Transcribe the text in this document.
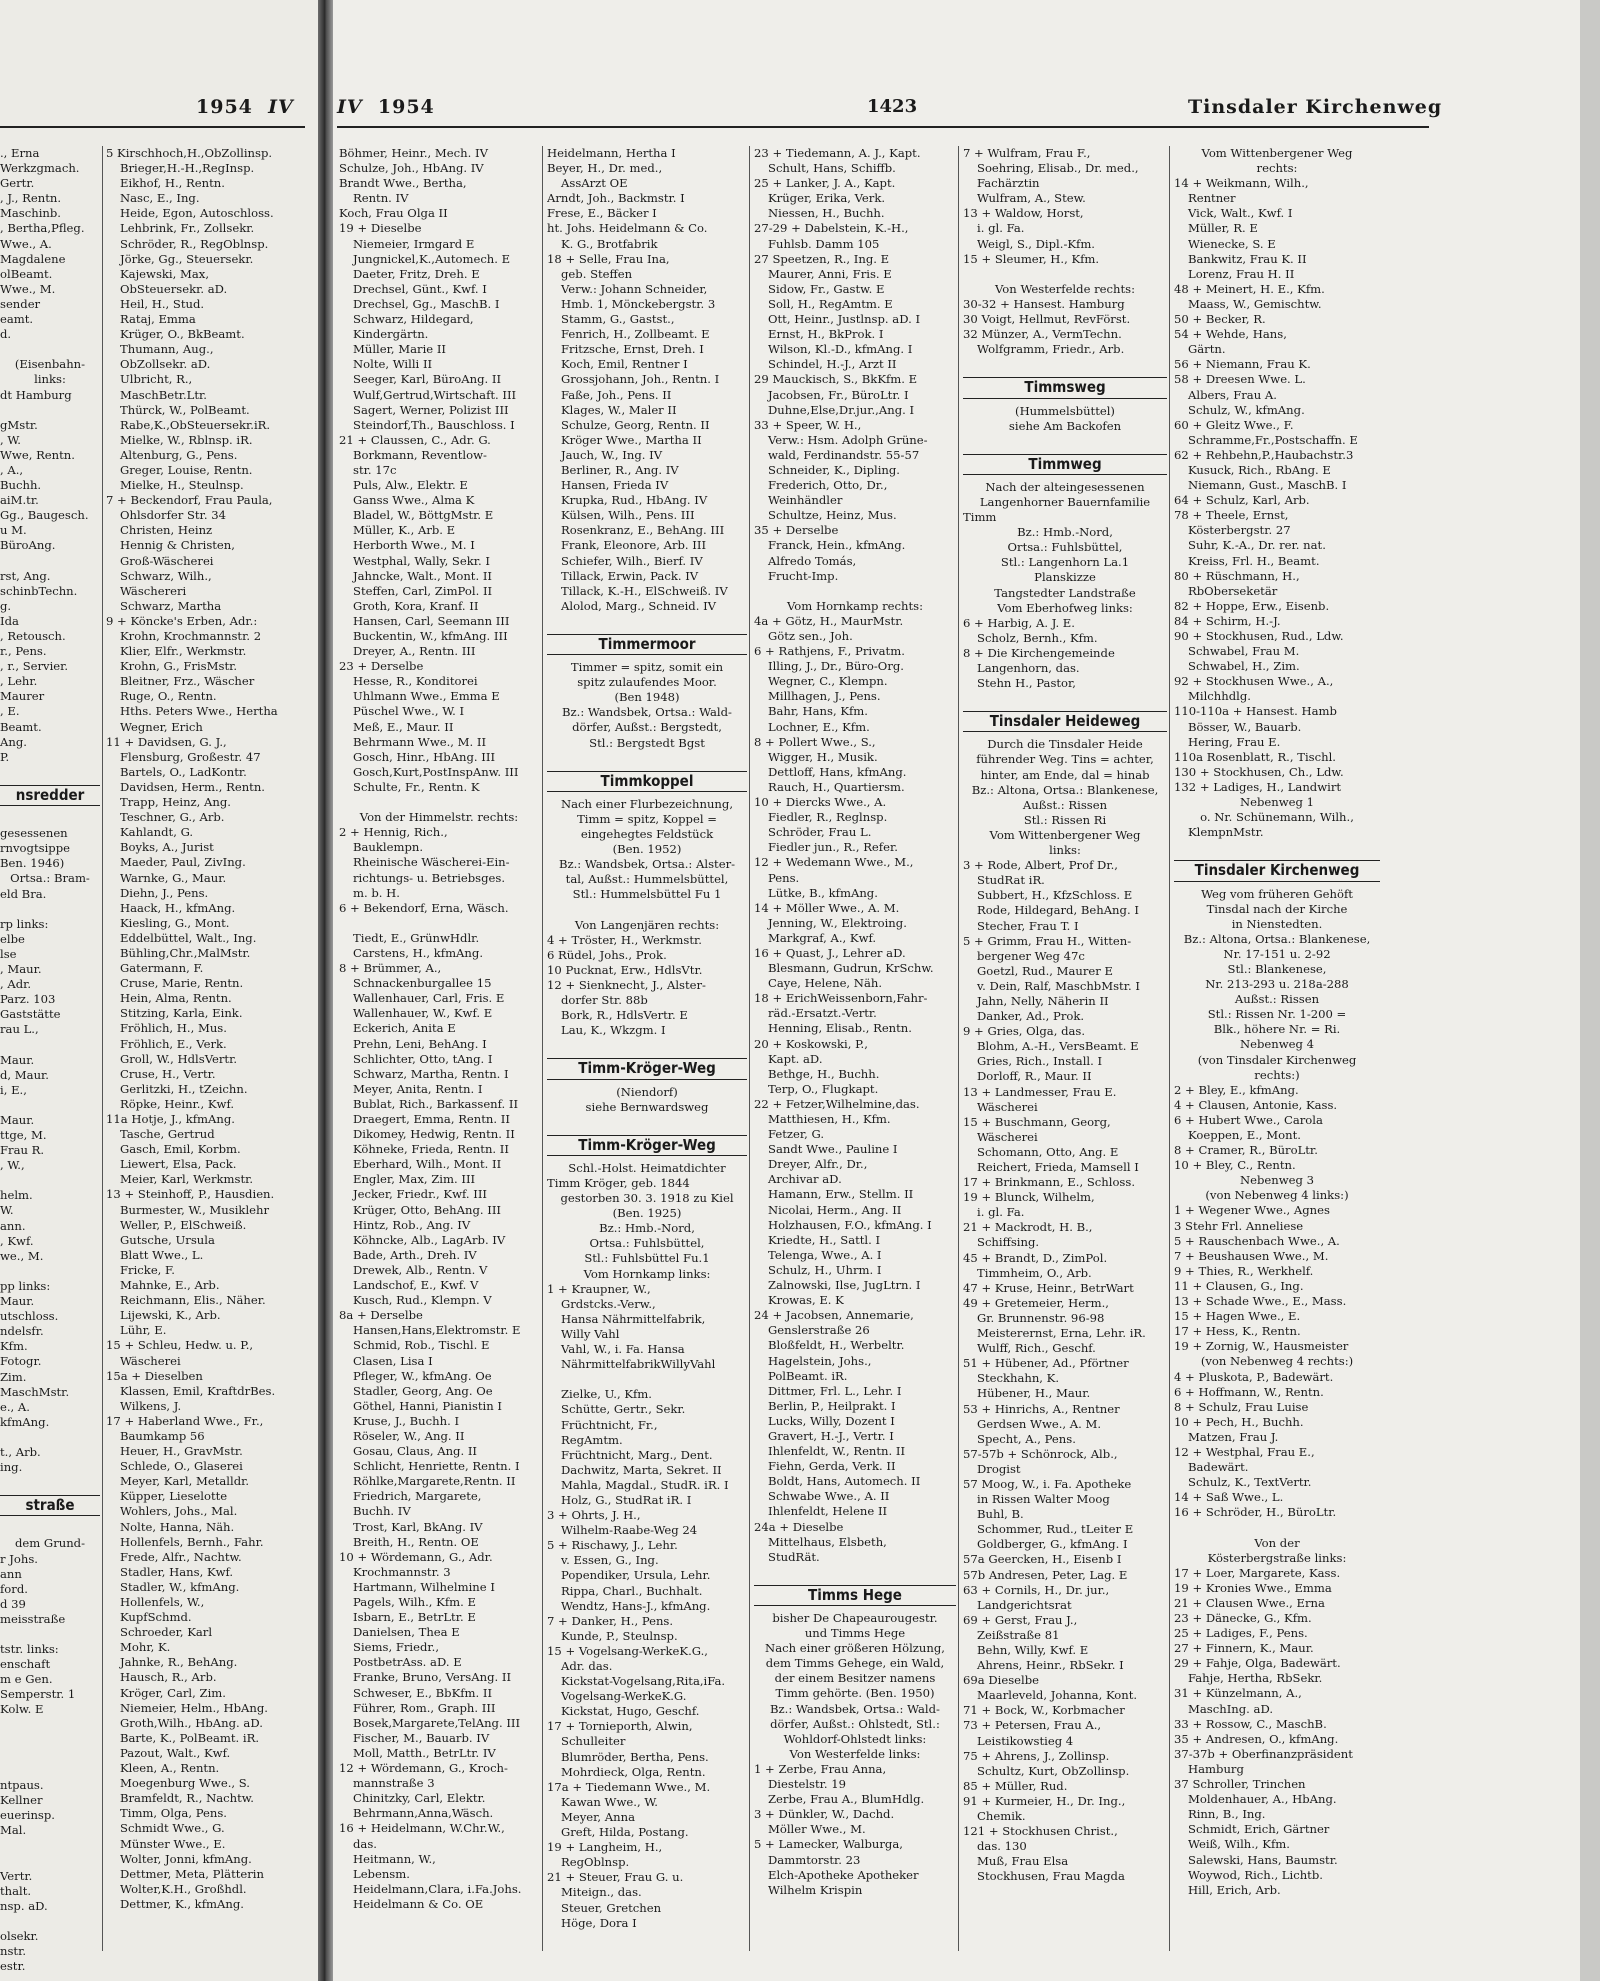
1954 IV
., Erna
Werkzgmach.
Gertr.
, J., Rentn.
Maschinb.
, Bertha,Pfleg.
Wwe., A.
Magdalene
olBeamt.
Wwe., M.
sender
eamt.
d.

(Eisenbahn-
links:
dt Hamburg

gMstr.
, W.
Wwe, Rentn.
, A.,
Buchh.
aiM.tr.
Gg., Baugesch.
u M.
BüroAng.

rst, Ang.
schinbTechn.
g.
Ida
, Retousch.
r., Pens.
, r., Servier.
, Lehr.
Maurer
, E.
Beamt.
Ang.
P.

nsredder

gesessenen
rnvogtsippe
Ben. 1946)
Ortsa.: Bram-
eld Bra.

rp links:
elbe
lse
, Maur.
, Adr.
Parz. 103
Gaststätte
rau L.,

Maur.
d, Maur.
i, E.,

Maur.
ttge, M.
Frau R.
, W.,

helm.
W.
ann.
, Kwf.
we., M.

pp links:
Maur.
utschloss.
ndelsfr.
Kfm.
Fotogr.
Zim.
MaschMstr.
e., A.
kfmAng.

t., Arb.
ing.

straße

dem Grund-
r Johs.
ann
ford.
d 39
meisstraße

tstr. links:
enschaft
m e Gen.
Semperstr. 1
Kolw. E

ntpaus.
Kellner
euerinsp.
Mal.

Vertr.
thalt.
nsp. aD.

olsekr.
nstr.
estr.
5 Kirschhoch,H.,ObZollinsp.
Brieger,H.-H.,RegInsp.
Eikhof, H., Rentn.
Nasc, E., Ing.
Heide, Egon, Autoschloss.
Lehbrink, Fr., Zollsekr.
Schröder, R., RegOblnsp.
Jörke, Gg., Steuersekr.
Kajewski, Max,
ObSteuersekr. aD.
Heil, H., Stud.
Rataj, Emma
Krüger, O., BkBeamt.
Thumann, Aug.,
ObZollsekr. aD.
Ulbricht, R.,
MaschBetr.Ltr.
Thürck, W., PolBeamt.
Rabe,K.,ObSteuersekr.iR.
Mielke, W., Rblnsp. iR.
Altenburg, G., Pens.
Greger, Louise, Rentn.
Mielke, H., Steulnsp.
7 + Beckendorf, Frau Paula,
Ohlsdorfer Str. 34
Christen, Heinz
Hennig & Christen,
Groß-Wäscherei
Schwarz, Wilh.,
Wäschereri
Schwarz, Martha
9 + Köncke's Erben, Adr.:
Krohn, Krochmannstr. 2
Klier, Elfr., Werkmstr.
Krohn, G., FrisMstr.
Bleitner, Frz., Wäscher
Ruge, O., Rentn.
Hths. Peters Wwe., Hertha
Wegner, Erich
11 + Davidsen, G. J.,
Flensburg, Großestr. 47
Bartels, O., LadKontr.
Davidsen, Herm., Rentn.
Trapp, Heinz, Ang.
Teschner, G., Arb.
Kahlandt, G.
Boyks, A., Jurist
Maeder, Paul, ZivIng.
Warnke, G., Maur.
Diehn, J., Pens.
Haack, H., kfmAng.
Kiesling, G., Mont.
Eddelbüttel, Walt., Ing.
Bühling,Chr.,MalMstr.
Gatermann, F.
Cruse, Marie, Rentn.
Hein, Alma, Rentn.
Stitzing, Karla, Eink.
Fröhlich, H., Mus.
Fröhlich, E., Verk.
Groll, W., HdlsVertr.
Cruse, H., Vertr.
Gerlitzki, H., tZeichn.
Röpke, Heinr., Kwf.
11a Hotje, J., kfmAng.
Tasche, Gertrud
Gasch, Emil, Korbm.
Liewert, Elsa, Pack.
Meier, Karl, Werkmstr.
13 + Steinhoff, P., Hausdien.
Burmester, W., Musiklehr
Weller, P., ElSchweiß.
Gutsche, Ursula
Blatt Wwe., L.
Fricke, F.
Mahnke, E., Arb.
Reichmann, Elis., Näher.
Lijewski, K., Arb.
Lühr, E.
15 + Schleu, Hedw. u. P.,
Wäscherei
15a + Dieselben
Klassen, Emil, KraftdrBes.
Wilkens, J.
17 + Haberland Wwe., Fr.,
Baumkamp 56
Heuer, H., GravMstr.
Schlede, O., Glaserei
Meyer, Karl, Metalldr.
Küpper, Lieselotte
Wohlers, Johs., Mal.
Nolte, Hanna, Näh.
Hollenfels, Bernh., Fahr.
Frede, Alfr., Nachtw.
Stadler, Hans, Kwf.
Stadler, W., kfmAng.
Hollenfels, W.,
KupfSchmd.
Schroeder, Karl
Mohr, K.
Jahnke, R., BehAng.
Hausch, R., Arb.
Kröger, Carl, Zim.
Niemeier, Helm., HbAng.
Groth,Wilh., HbAng. aD.
Barte, K., PolBeamt. iR.
Pazout, Walt., Kwf.
Kleen, A., Rentn.
Moegenburg Wwe., S.
Bramfeldt, R., Nachtw.
Timm, Olga, Pens.
Schmidt Wwe., G.
Münster Wwe., E.
Wolter, Jonni, kfmAng.
Dettmer, Meta, Plätterin
Wolter,K.H., Großhdl.
Dettmer, K., kfmAng.
IV 1954	1423	Tinsdaler Kirchenweg
Böhmer, Heinr., Mech. IV
Schulze, Joh., HbAng. IV
Brandt Wwe., Bertha,
Rentn. IV
Koch, Frau Olga II
19 + Dieselbe
Niemeier, Irmgard E
Jungnickel,K.,Automech. E
Daeter, Fritz, Dreh. E
Drechsel, Günt., Kwf. I
Drechsel, Gg., MaschB. I
Schwarz, Hildegard,
Kindergärtn.
Müller, Marie II
Nolte, Willi II
Seeger, Karl, BüroAng. II
Wulf,Gertrud,Wirtschaft. III
Sagert, Werner, Polizist III
Steindorf,Th., Bauschloss. I
21 + Claussen, C., Adr. G.
Borkmann, Reventlow-
str. 17c
Puls, Alw., Elektr. E
Ganss Wwe., Alma K
Bladel, W., BöttgMstr. E
Müller, K., Arb. E
Herborth Wwe., M. I
Westphal, Wally, Sekr. I
Jahncke, Walt., Mont. II
Steffen, Carl, ZimPol. II
Groth, Kora, Kranf. II
Hansen, Carl, Seemann III
Buckentin, W., kfmAng. III
Dreyer, A., Rentn. III
23 + Derselbe
Hesse, R., Konditorei
Uhlmann Wwe., Emma E
Püschel Wwe., W. I
Meß, E., Maur. II
Behrmann Wwe., M. II
Gosch, Hinr., HbAng. III
Gosch,Kurt,PostInspAnw. III
Schulte, Fr., Rentn. K

Von der Himmelstr. rechts:
2 + Hennig, Rich.,
Bauklempn.
Rheinische Wäscherei-Ein-
richtungs- u. Betriebsges.
m. b. H.
6 + Bekendorf, Erna, Wäsch.

Tiedt, E., GrünwHdlr.
Carstens, H., kfmAng.
8 + Brümmer, A.,
Schnackenburgallee 15
Wallenhauer, Carl, Fris. E
Wallenhauer, W., Kwf. E
Eckerich, Anita E
Prehn, Leni, BehAng. I
Schlichter, Otto, tAng. I
Schwarz, Martha, Rentn. I
Meyer, Anita, Rentn. I
Bublat, Rich., Barkassenf. II
Draegert, Emma, Rentn. II
Dikomey, Hedwig, Rentn. II
Köhneke, Frieda, Rentn. II
Eberhard, Wilh., Mont. II
Engler, Max, Zim. III
Jecker, Friedr., Kwf. III
Krüger, Otto, BehAng. III
Hintz, Rob., Ang. IV
Köhncke, Alb., LagArb. IV
Bade, Arth., Dreh. IV
Drewek, Alb., Rentn. V
Landschof, E., Kwf. V
Kusch, Rud., Klempn. V
8a + Derselbe
Hansen,Hans,Elektromstr. E
Schmid, Rob., Tischl. E
Clasen, Lisa I
Pfleger, W., kfmAng. Oe
Stadler, Georg, Ang. Oe
Göthel, Hanni, Pianistin I
Kruse, J., Buchh. I
Röseler, W., Ang. II
Gosau, Claus, Ang. II
Schlicht, Henriette, Rentn. I
Röhlke,Margarete,Rentn. II
Friedrich, Margarete,
Buchh. IV
Trost, Karl, BkAng. IV
Breith, H., Rentn. OE
10 + Wördemann, G., Adr.
Krochmannstr. 3
Hartmann, Wilhelmine I
Pagels, Wilh., Kfm. E
Isbarn, E., BetrLtr. E
Danielsen, Thea E
Siems, Friedr.,
PostbetrAss. aD. E
Franke, Bruno, VersAng. II
Schweser, E., BbKfm. II
Führer, Rom., Graph. III
Bosek,Margarete,TelAng. III
Fischer, M., Bauarb. IV
Moll, Matth., BetrLtr. IV
12 + Wördemann, G., Kroch-
mannstraße 3
Chinitzky, Carl, Elektr.
Behrmann,Anna,Wäsch.
16 + Heidelmann, W.Chr.W.,
das.
Heitmann, W.,
Lebensm.
Heidelmann,Clara, i.Fa.Johs.
Heidelmann & Co. OE
Heidelmann, Hertha I
Beyer, H., Dr. med.,
AssArzt OE
Arndt, Joh., Backmstr. I
Frese, E., Bäcker I
ht. Johs. Heidelmann & Co.
K. G., Brotfabrik
18 + Selle, Frau Ina,
geb. Steffen
Verw.: Johann Schneider,
Hmb. 1, Mönckebergstr. 3
Stamm, G., Gastst.,
Fenrich, H., Zollbeamt. E
Fritzsche, Ernst, Dreh. I
Koch, Emil, Rentner I
Grossjohann, Joh., Rentn. I
Faße, Joh., Pens. II
Klages, W., Maler II
Schulze, Georg, Rentn. II
Kröger Wwe., Martha II
Jauch, W., Ing. IV
Berliner, R., Ang. IV
Hansen, Frieda IV
Krupka, Rud., HbAng. IV
Külsen, Wilh., Pens. III
Rosenkranz, E., BehAng. III
Frank, Eleonore, Arb. III
Schiefer, Wilh., Bierf. IV
Tillack, Erwin, Pack. IV
Tillack, K.-H., ElSchweiß. IV
Alolod, Marg., Schneid. IV

Timmermoor
Timmer = spitz, somit ein
spitz zulaufendes Moor.
(Ben 1948)
Bz.: Wandsbek, Ortsa.: Wald-
dörfer, Außst.: Bergstedt,
Stl.: Bergstedt Bgst

Timmkoppel
Nach einer Flurbezeichnung,
Timm = spitz, Koppel =
eingehegtes Feldstück
(Ben. 1952)
Bz.: Wandsbek, Ortsa.: Alster-
tal, Außst.: Hummelsbüttel,
Stl.: Hummelsbüttel Fu 1

Von Langenjären rechts:
4 + Tröster, H., Werkmstr.
6 Rüdel, Johs., Prok.
10 Pucknat, Erw., HdlsVtr.
12 + Sienknecht, J., Alster-
dorfer Str. 88b
Bork, R., HdlsVertr. E
Lau, K., Wkzgm. I

Timm-Kröger-Weg
(Niendorf)
siehe Bernwardsweg

Timm-Kröger-Weg
Schl.-Holst. Heimatdichter
Timm Kröger, geb. 1844
gestorben 30. 3. 1918 zu Kiel
(Ben. 1925)
Bz.: Hmb.-Nord,
Ortsa.: Fuhlsbüttel,
Stl.: Fuhlsbüttel Fu.1
Vom Hornkamp links:
1 + Kraupner, W.,
Grdstcks.-Verw.,
Hansa Nährmittelfabrik,
Willy Vahl
Vahl, W., i. Fa. Hansa
NährmittelfabrikWillyVahl

Zielke, U., Kfm.
Schütte, Gertr., Sekr.
Früchtnicht, Fr.,
RegAmtm.
Früchtnicht, Marg., Dent.
Dachwitz, Marta, Sekret. II
Mahla, Magdal., StudR. iR. I
Holz, G., StudRat iR. I
3 + Ohrts, J. H.,
Wilhelm-Raabe-Weg 24
5 + Rischawy, J., Lehr.
v. Essen, G., Ing.
Popendiker, Ursula, Lehr.
Rippa, Charl., Buchhalt.
Wendtz, Hans-J., kfmAng.
7 + Danker, H., Pens.
Kunde, P., Steulnsp.
15 + Vogelsang-WerkeK.G.,
Adr. das.
Kickstat-Vogelsang,Rita,iFa.
Vogelsang-WerkeK.G.
Kickstat, Hugo, Geschf.
17 + Tornieporth, Alwin,
Schulleiter
Blumröder, Bertha, Pens.
Mohrdieck, Olga, Rentn.
17a + Tiedemann Wwe., M.
Kawan Wwe., W.
Meyer, Anna
Greft, Hilda, Postang.
19 + Langheim, H.,
RegOblnsp.
21 + Steuer, Frau G. u.
Miteign., das.
Steuer, Gretchen
Höge, Dora I
23 + Tiedemann, A. J., Kapt.
Schult, Hans, Schiffb.
25 + Lanker, J. A., Kapt.
Krüger, Erika, Verk.
Niessen, H., Buchh.
27-29 + Dabelstein, K.-H.,
Fuhlsb. Damm 105
27 Speetzen, R., Ing. E
Maurer, Anni, Fris. E
Sidow, Fr., Gastw. E
Soll, H., RegAmtm. E
Ott, Heinr., Justlnsp. aD. I
Ernst, H., BkProk. I
Wilson, Kl.-D., kfmAng. I
Schindel, H.-J., Arzt II
29 Mauckisch, S., BkKfm. E
Jacobsen, Fr., BüroLtr. I
Duhne,Else,Dr.jur.,Ang. I
33 + Speer, W. H.,
Verw.: Hsm. Adolph Grüne-
wald, Ferdinandstr. 55-57
Schneider, K., Dipling.
Frederich, Otto, Dr.,
Weinhändler
Schultze, Heinz, Mus.
35 + Derselbe
Franck, Hein., kfmAng.
Alfredo Tomás,
Frucht-Imp.

Vom Hornkamp rechts:
4a + Götz, H., MaurMstr.
Götz sen., Joh.
6 + Rathjens, F., Privatm.
Illing, J., Dr., Büro-Org.
Wegner, C., Klempn.
Millhagen, J., Pens.
Bahr, Hans, Kfm.
Lochner, E., Kfm.
8 + Pollert Wwe., S.,
Wigger, H., Musik.
Dettloff, Hans, kfmAng.
Rauch, H., Quartiersm.
10 + Diercks Wwe., A.
Fiedler, R., Reglnsp.
Schröder, Frau L.
Fiedler jun., R., Refer.
12 + Wedemann Wwe., M.,
Pens.
Lütke, B., kfmAng.
14 + Möller Wwe., A. M.
Jenning, W., Elektroing.
Markgraf, A., Kwf.
16 + Quast, J., Lehrer aD.
Blesmann, Gudrun, KrSchw.
Caye, Helene, Näh.
18 + ErichWeissenborn,Fahr-
räd.-Ersatzt.-Vertr.
Henning, Elisab., Rentn.
20 + Koskowski, P.,
Kapt. aD.
Bethge, H., Buchh.
Terp, O., Flugkapt.
22 + Fetzer,Wilhelmine,das.
Matthiesen, H., Kfm.
Fetzer, G.
Sandt Wwe., Pauline I
Dreyer, Alfr., Dr.,
Archivar aD.
Hamann, Erw., Stellm. II
Nicolai, Herm., Ang. II
Holzhausen, F.O., kfmAng. I
Kriedte, H., Sattl. I
Telenga, Wwe., A. I
Schulz, H., Uhrm. I
Zalnowski, Ilse, JugLtrn. I
Krowas, E. K
24 + Jacobsen, Annemarie,
Genslerstraße 26
Bloßfeldt, H., Werbeltr.
Hagelstein, Johs.,
PolBeamt. iR.
Dittmer, Frl. L., Lehr. I
Berlin, P., Heilprakt. I
Lucks, Willy, Dozent I
Gravert, H.-J., Vertr. I
Ihlenfeldt, W., Rentn. II
Fiehn, Gerda, Verk. II
Boldt, Hans, Automech. II
Schwabe Wwe., A. II
Ihlenfeldt, Helene II
24a + Dieselbe
Mittelhaus, Elsbeth,
StudRät.

Timms Hege
bisher De Chapeaurougestr.
und Timms Hege
Nach einer größeren Hölzung,
dem Timms Gehege, ein Wald,
der einem Besitzer namens
Timm gehörte. (Ben. 1950)
Bz.: Wandsbek, Ortsa.: Wald-
dörfer, Außst.: Ohlstedt, Stl.:
Wohldorf-Ohlstedt links:
Von Westerfelde links:
1 + Zerbe, Frau Anna,
Diestelstr. 19
Zerbe, Frau A., BlumHdlg.
3 + Dünkler, W., Dachd.
Möller Wwe., M.
5 + Lamecker, Walburga,
Dammtorstr. 23
Elch-Apotheke Apotheker
Wilhelm Krispin
7 + Wulfram, Frau F.,
Soehring, Elisab., Dr. med.,
Fachärztin
Wulfram, A., Stew.
13 + Waldow, Horst,
i. gl. Fa.
Weigl, S., Dipl.-Kfm.
15 + Sleumer, H., Kfm.

Von Westerfelde rechts:
30-32 + Hansest. Hamburg
30 Voigt, Hellmut, RevFörst.
32 Münzer, A., VermTechn.
Wolfgramm, Friedr., Arb.

Timmsweg
(Hummelsbüttel)
siehe Am Backofen

Timmweg
Nach der alteingesessenen
Langenhorner Bauernfamilie
Timm
Bz.: Hmb.-Nord,
Ortsa.: Fuhlsbüttel,
Stl.: Langenhorn La.1
Planskizze
Tangstedter Landstraße
Vom Eberhofweg links:
6 + Harbig, A. J. E.
Scholz, Bernh., Kfm.
8 + Die Kirchengemeinde
Langenhorn, das.
Stehn H., Pastor,

Tinsdaler Heideweg
Durch die Tinsdaler Heide
führender Weg. Tins = achter,
hinter, am Ende, dal = hinab
Bz.: Altona, Ortsa.: Blankenese,
Außst.: Rissen
Stl.: Rissen Ri
Vom Wittenbergener Weg
links:
3 + Rode, Albert, Prof Dr.,
StudRat iR.
Subbert, H., KfzSchloss. E
Rode, Hildegard, BehAng. I
Stecher, Frau T. I
5 + Grimm, Frau H., Witten-
bergener Weg 47c
Goetzl, Rud., Maurer E
v. Dein, Ralf, MaschbMstr. I
Jahn, Nelly, Näherin II
Danker, Ad., Prok.
9 + Gries, Olga, das.
Blohm, A.-H., VersBeamt. E
Gries, Rich., Install. I
Dorloff, R., Maur. II
13 + Landmesser, Frau E.
Wäscherei
15 + Buschmann, Georg,
Wäscherei
Schomann, Otto, Ang. E
Reichert, Frieda, Mamsell I
17 + Brinkmann, E., Schloss.
19 + Blunck, Wilhelm,
i. gl. Fa.
21 + Mackrodt, H. B.,
Schiffsing.
45 + Brandt, D., ZimPol.
Timmheim, O., Arb.
47 + Kruse, Heinr., BetrWart
49 + Gretemeier, Herm.,
Gr. Brunnenstr. 96-98
Meisterernst, Erna, Lehr. iR.
Wulff, Rich., Geschf.
51 + Hübener, Ad., Pförtner
Steckhahn, K.
Hübener, H., Maur.
53 + Hinrichs, A., Rentner
Gerdsen Wwe., A. M.
Specht, A., Pens.
57-57b + Schönrock, Alb.,
Drogist
57 Moog, W., i. Fa. Apotheke
in Rissen Walter Moog
Buhl, B.
Schommer, Rud., tLeiter E
Goldberger, G., kfmAng. I
57a Geercken, H., Eisenb I
57b Andresen, Peter, Lag. E
63 + Cornils, H., Dr. jur.,
Landgerichtsrat
69 + Gerst, Frau J.,
Zeißstraße 81
Behn, Willy, Kwf. E
Ahrens, Heinr., RbSekr. I
69a Dieselbe
Maarleveld, Johanna, Kont.
71 + Bock, W., Korbmacher
73 + Petersen, Frau A.,
Leistikowstieg 4
75 + Ahrens, J., Zollinsp.
Schultz, Kurt, ObZollinsp.
85 + Müller, Rud.
91 + Kurmeier, H., Dr. Ing.,
Chemik.
121 + Stockhusen Christ.,
das. 130
Muß, Frau Elsa
Stockhusen, Frau Magda
Vom Wittenbergener Weg
rechts:
14 + Weikmann, Wilh.,
Rentner
Vick, Walt., Kwf. I
Müller, R. E
Wienecke, S. E
Bankwitz, Frau K. II
Lorenz, Frau H. II
48 + Meinert, H. E., Kfm.
Maass, W., Gemischtw.
50 + Becker, R.
54 + Wehde, Hans,
Gärtn.
56 + Niemann, Frau K.
58 + Dreesen Wwe. L.
Albers, Frau A.
Schulz, W., kfmAng.
60 + Gleitz Wwe., F.
Schramme,Fr.,Postschaffn. E
62 + Rehbehn,P.,Haubachstr.3
Kusuck, Rich., RbAng. E
Niemann, Gust., MaschB. I
64 + Schulz, Karl, Arb.
78 + Theele, Ernst,
Kösterbergstr. 27
Suhr, K.-A., Dr. rer. nat.
Kreiss, Frl. H., Beamt.
80 + Rüschmann, H.,
RbOberseketär
82 + Hoppe, Erw., Eisenb.
84 + Schirm, H.-J.
90 + Stockhusen, Rud., Ldw.
Schwabel, Frau M.
Schwabel, H., Zim.
92 + Stockhusen Wwe., A.,
Milchhdlg.
110-110a + Hansest. Hamb
Bösser, W., Bauarb.
Hering, Frau E.
110a Rosenblatt, R., Tischl.
130 + Stockhusen, Ch., Ldw.
132 + Ladiges, H., Landwirt
Nebenweg 1
o. Nr. Schünemann, Wilh.,
KlempnMstr.

Tinsdaler Kirchenweg
Weg vom früheren Gehöft
Tinsdal nach der Kirche
in Nienstedten.
Bz.: Altona, Ortsa.: Blankenese,
Nr. 17-151 u. 2-92
Stl.: Blankenese,
Nr. 213-293 u. 218a-288
Außst.: Rissen
Stl.: Rissen Nr. 1-200 =
Blk., höhere Nr. = Ri.
Nebenweg 4
(von Tinsdaler Kirchenweg
rechts:)
2 + Bley, E., kfmAng.
4 + Clausen, Antonie, Kass.
6 + Hubert Wwe., Carola
Koeppen, E., Mont.
8 + Cramer, R., BüroLtr.
10 + Bley, C., Rentn.
Nebenweg 3
(von Nebenweg 4 links:)
1 + Wegener Wwe., Agnes
3 Stehr Frl. Anneliese
5 + Rauschenbach Wwe., A.
7 + Beushausen Wwe., M.
9 + Thies, R., Werkhelf.
11 + Clausen, G., Ing.
13 + Schade Wwe., E., Mass.
15 + Hagen Wwe., E.
17 + Hess, K., Rentn.
19 + Zornig, W., Hausmeister
(von Nebenweg 4 rechts:)
4 + Pluskota, P., Badewärt.
6 + Hoffmann, W., Rentn.
8 + Schulz, Frau Luise
10 + Pech, H., Buchh.
Matzen, Frau J.
12 + Westphal, Frau E.,
Badewärt.
Schulz, K., TextVertr.
14 + Saß Wwe., L.
16 + Schröder, H., BüroLtr.

Von der
Kösterbergstraße links:
17 + Loer, Margarete, Kass.
19 + Kronies Wwe., Emma
21 + Clausen Wwe., Erna
23 + Dänecke, G., Kfm.
25 + Ladiges, F., Pens.
27 + Finnern, K., Maur.
29 + Fahje, Olga, Badewärt.
Fahje, Hertha, RbSekr.
31 + Künzelmann, A.,
MaschIng. aD.
33 + Rossow, C., MaschB.
35 + Andresen, O., kfmAng.
37-37b + Oberfinanzpräsident
Hamburg
37 Schroller, Trinchen
Moldenhauer, A., HbAng.
Rinn, B., Ing.
Schmidt, Erich, Gärtner
Weiß, Wilh., Kfm.
Salewski, Hans, Baumstr.
Woywod, Rich., Lichtb.
Hill, Erich, Arb.
